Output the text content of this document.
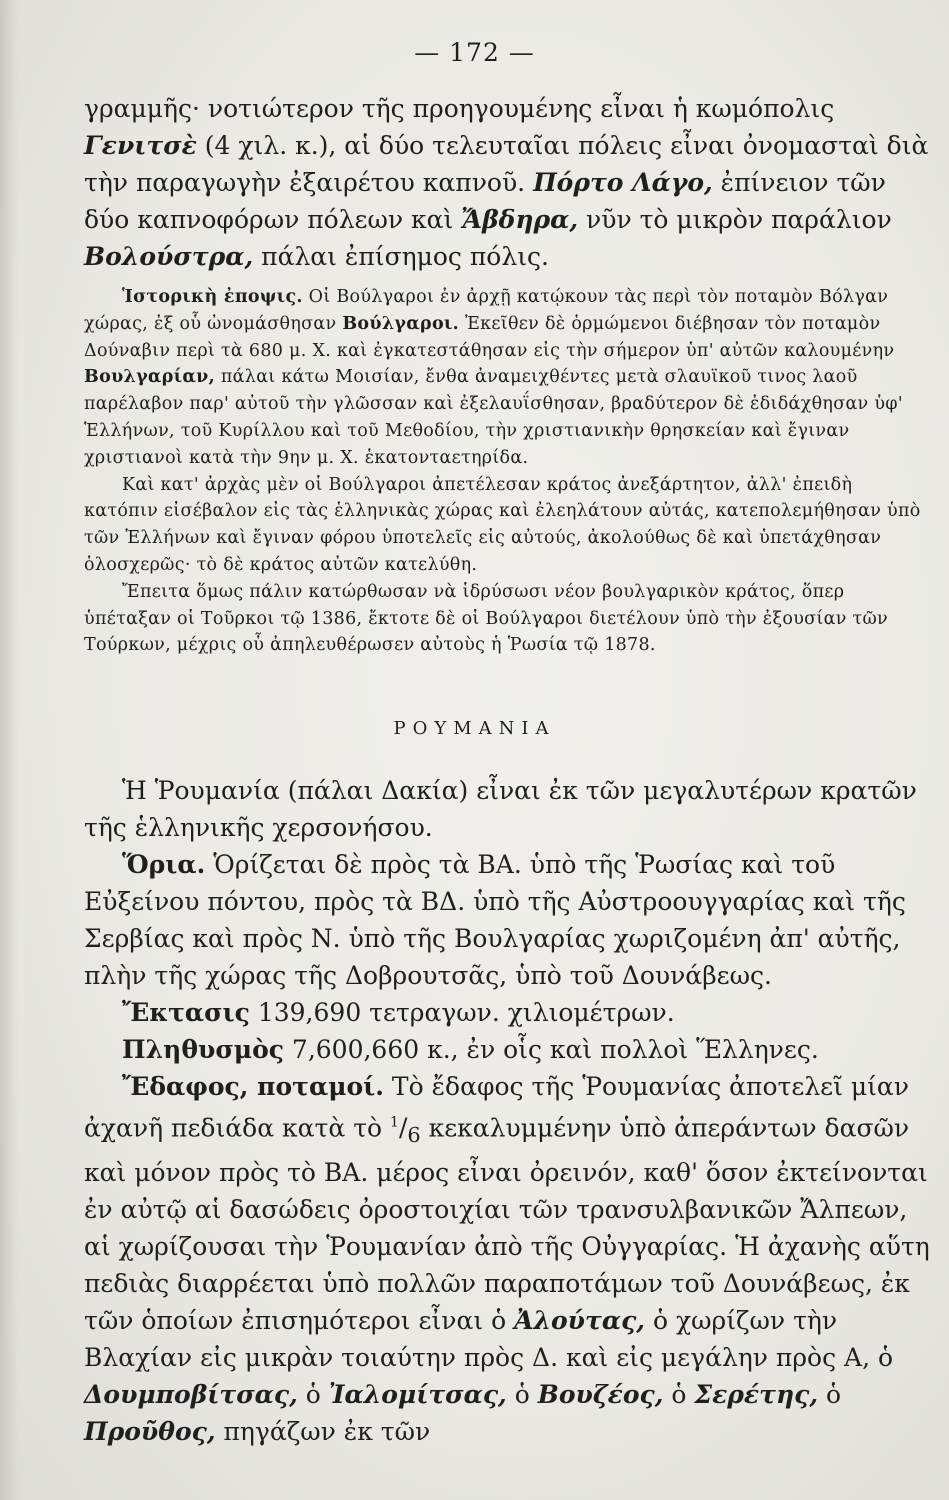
— 172 —

γραμμῆς· νοτιώτερον τῆς προηγουμένης εἶναι ἡ κωμόπολις Γενιτσὲ (4 χιλ. κ.), αἱ δύο τελευταῖαι πόλεις εἶναι ὀνομασταὶ διὰ τὴν παραγωγὴν ἐξαιρέτου καπνοῦ. Πόρτο Λάγο, ἐπίνειον τῶν δύο καπνοφόρων πόλεων καὶ Ἄβδηρα, νῦν τὸ μικρὸν παράλιον Βολούστρα, πάλαι ἐπίσημος πόλις.

Ἱστορικὴ ἐποψις. Οἱ Βούλγαροι ἐν ἀρχῇ κατῴκουν τὰς περὶ τὸν ποταμὸν Βόλγαν χώρας, ἐξ οὗ ὠνομάσθησαν Βούλγαροι. Ἐκεῖθεν δὲ ὁρμώμενοι διέβησαν τὸν ποταμὸν Δούναβιν περὶ τὰ 680 μ. Χ. καὶ ἐγκατεστάθησαν εἰς τὴν σήμερον ὑπ' αὐτῶν καλουμένην Βουλγαρίαν, πάλαι κάτω Μοισίαν, ἔνθα ἀναμειχθέντες μετὰ σλαυϊκοῦ τινος λαοῦ παρέλαβον παρ' αὐτοῦ τὴν γλῶσσαν καὶ ἐξελαυΐσθησαν, βραδύτερον δὲ ἐδιδάχθησαν ὑφ' Ἑλλήνων, τοῦ Κυρίλλου καὶ τοῦ Μεθοδίου, τὴν χριστιανικὴν θρησκείαν καὶ ἔγιναν χριστιανοὶ κατὰ τὴν 9ην μ. Χ. ἑκατονταετηρίδα.

Καὶ κατ' ἀρχὰς μὲν οἱ Βούλγαροι ἀπετέλεσαν κράτος ἀνεξάρτητον, ἀλλ' ἐπειδὴ κατόπιν εἰσέβαλον εἰς τὰς ἑλληνικὰς χώρας καὶ ἐλεηλάτουν αὐτάς, κατεπολεμήθησαν ὑπὸ τῶν Ἑλλήνων καὶ ἔγιναν φόρου ὑποτελεῖς εἰς αὐτούς, ἀκολούθως δὲ καὶ ὑπετάχθησαν ὁλοσχερῶς· τὸ δὲ κράτος αὐτῶν κατελύθη.

Ἔπειτα ὅμως πάλιν κατώρθωσαν νὰ ἱδρύσωσι νέον βουλγαρικὸν κράτος, ὅπερ ὑπέταξαν οἱ Τοῦρκοι τῷ 1386, ἔκτοτε δὲ οἱ Βούλγαροι διετέλουν ὑπὸ τὴν ἐξουσίαν τῶν Τούρκων, μέχρις οὗ ἀπηλευθέρωσεν αὐτοὺς ἡ Ῥωσία τῷ 1878.

ΡΟΥΜΑΝΙΑ

Ἡ Ῥουμανία (πάλαι Δακία) εἶναι ἐκ τῶν μεγαλυτέρων κρατῶν τῆς ἑλληνικῆς χερσονήσου.

Ὅρια. Ὁρίζεται δὲ πρὸς τὰ ΒΑ. ὑπὸ τῆς Ῥωσίας καὶ τοῦ Εὐξείνου πόντου, πρὸς τὰ ΒΔ. ὑπὸ τῆς Αὐστροουγγαρίας καὶ τῆς Σερβίας καὶ πρὸς Ν. ὑπὸ τῆς Βουλγαρίας χωριζομένη ἀπ' αὐτῆς, πλὴν τῆς χώρας τῆς Δοβρουτσᾶς, ὑπὸ τοῦ Δουνάβεως.

Ἔκτασις 139,690 τετραγων. χιλιομέτρων.

Πληθυσμὸς 7,600,660 κ., ἐν οἷς καὶ πολλοὶ Ἕλληνες.

Ἔδαφος, ποταμοί. Τὸ ἔδαφος τῆς Ῥουμανίας ἀποτελεῖ μίαν ἀχανῆ πεδιάδα κατὰ τὸ $^1/_6$ κεκαλυμμένην ὑπὸ ἀπεράντων δασῶν καὶ μόνον πρὸς τὸ ΒΑ. μέρος εἶναι ὀρεινόν, καθ' ὅσον ἐκτείνονται ἐν αὐτῷ αἱ δασώδεις ὀροστοιχίαι τῶν τρανσυλβανικῶν Ἄλπεων, αἱ χωρίζουσαι τὴν Ῥουμανίαν ἀπὸ τῆς Οὐγγαρίας. Ἡ ἀχανὴς αὕτη πεδιὰς διαρρέεται ὑπὸ πολλῶν παραποτάμων τοῦ Δουνάβεως, ἐκ τῶν ὁποίων ἐπισημότεροι εἶναι ὁ Ἀλούτας, ὁ χωρίζων τὴν Βλαχίαν εἰς μικρὰν τοιαύτην πρὸς Δ. καὶ εἰς μεγάλην πρὸς Α, ὁ Δουμποβίτσας, ὁ Ἰαλομίτσας, ὁ Βουζέος, ὁ Σερέτης, ὁ Προῦθος, πηγάζων ἐκ τῶν
